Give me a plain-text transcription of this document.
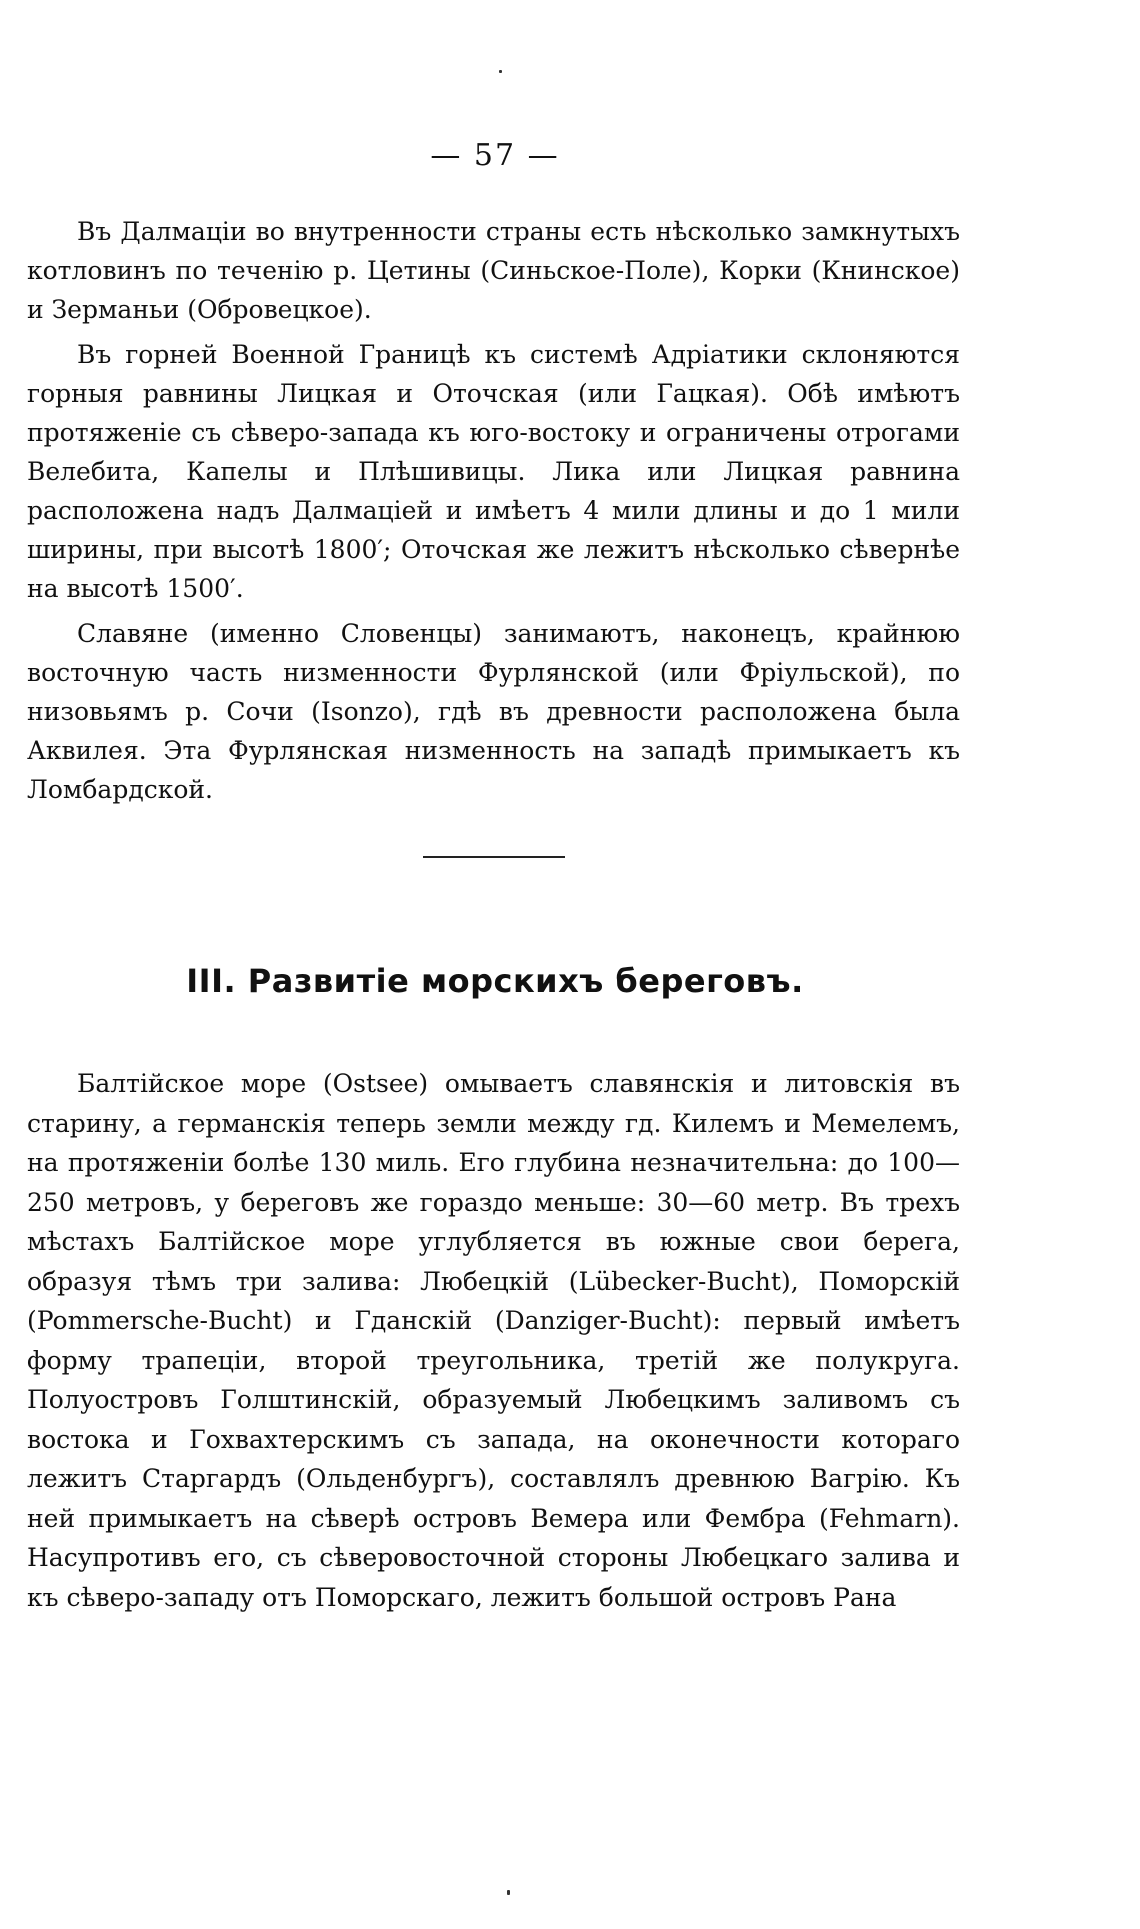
— 57 —

Въ Далмаціи во внутренности страны есть нѣсколько замкнутыхъ котловинъ по теченію р. Цетины (Синьское-Поле), Корки (Книнское) и Зерманьи (Обровецкое).

Въ горней Военной Границѣ къ системѣ Адріатики склоняются горныя равнины Лицкая и Оточская (или Гацкая). Обѣ имѣютъ протяженіе съ сѣверо-запада къ юго-востоку и ограничены отрогами Велебита, Капелы и Плѣшивицы. Лика или Лицкая равнина расположена надъ Далмаціей и имѣетъ 4 мили длины и до 1 мили ширины, при высотѣ 1800′; Оточская же лежитъ нѣсколько сѣвернѣе на высотѣ 1500′.

Славяне (именно Словенцы) занимаютъ, наконецъ, крайнюю восточную часть низменности Фурлянской (или Фріульской), по низовьямъ р. Сочи (Isonzo), гдѣ въ древности расположена была Аквилея. Эта Фурлянская низменность на западѣ примыкаетъ къ Ломбардской.

III. Развитіе морскихъ береговъ.

Балтійское море (Ostsee) омываетъ славянскія и литовскія въ старину, а германскія теперь земли между гд. Килемъ и Мемелемъ, на протяженіи болѣе 130 миль. Его глубина незначительна: до 100—250 метровъ, у береговъ же гораздо меньше: 30—60 метр. Въ трехъ мѣстахъ Балтійское море углубляется въ южные свои берега, образуя тѣмъ три залива: Любецкій (Lübecker-Bucht), Поморскій (Pommersche-Bucht) и Гданскій (Danziger-Bucht): первый имѣетъ форму трапеціи, второй треугольника, третій же полукруга. Полуостровъ Голштинскій, образуемый Любецкимъ заливомъ съ востока и Гохвахтерскимъ съ запада, на оконечности котораго лежитъ Старгардъ (Ольденбургъ), составлялъ древнюю Вагрію. Къ ней примыкаетъ на сѣверѣ островъ Вемера или Фембра (Fehmarn). Насупротивъ его, съ сѣверовосточной стороны Любецкаго залива и къ сѣверо-западу отъ Поморскаго, лежитъ большой островъ Рана
